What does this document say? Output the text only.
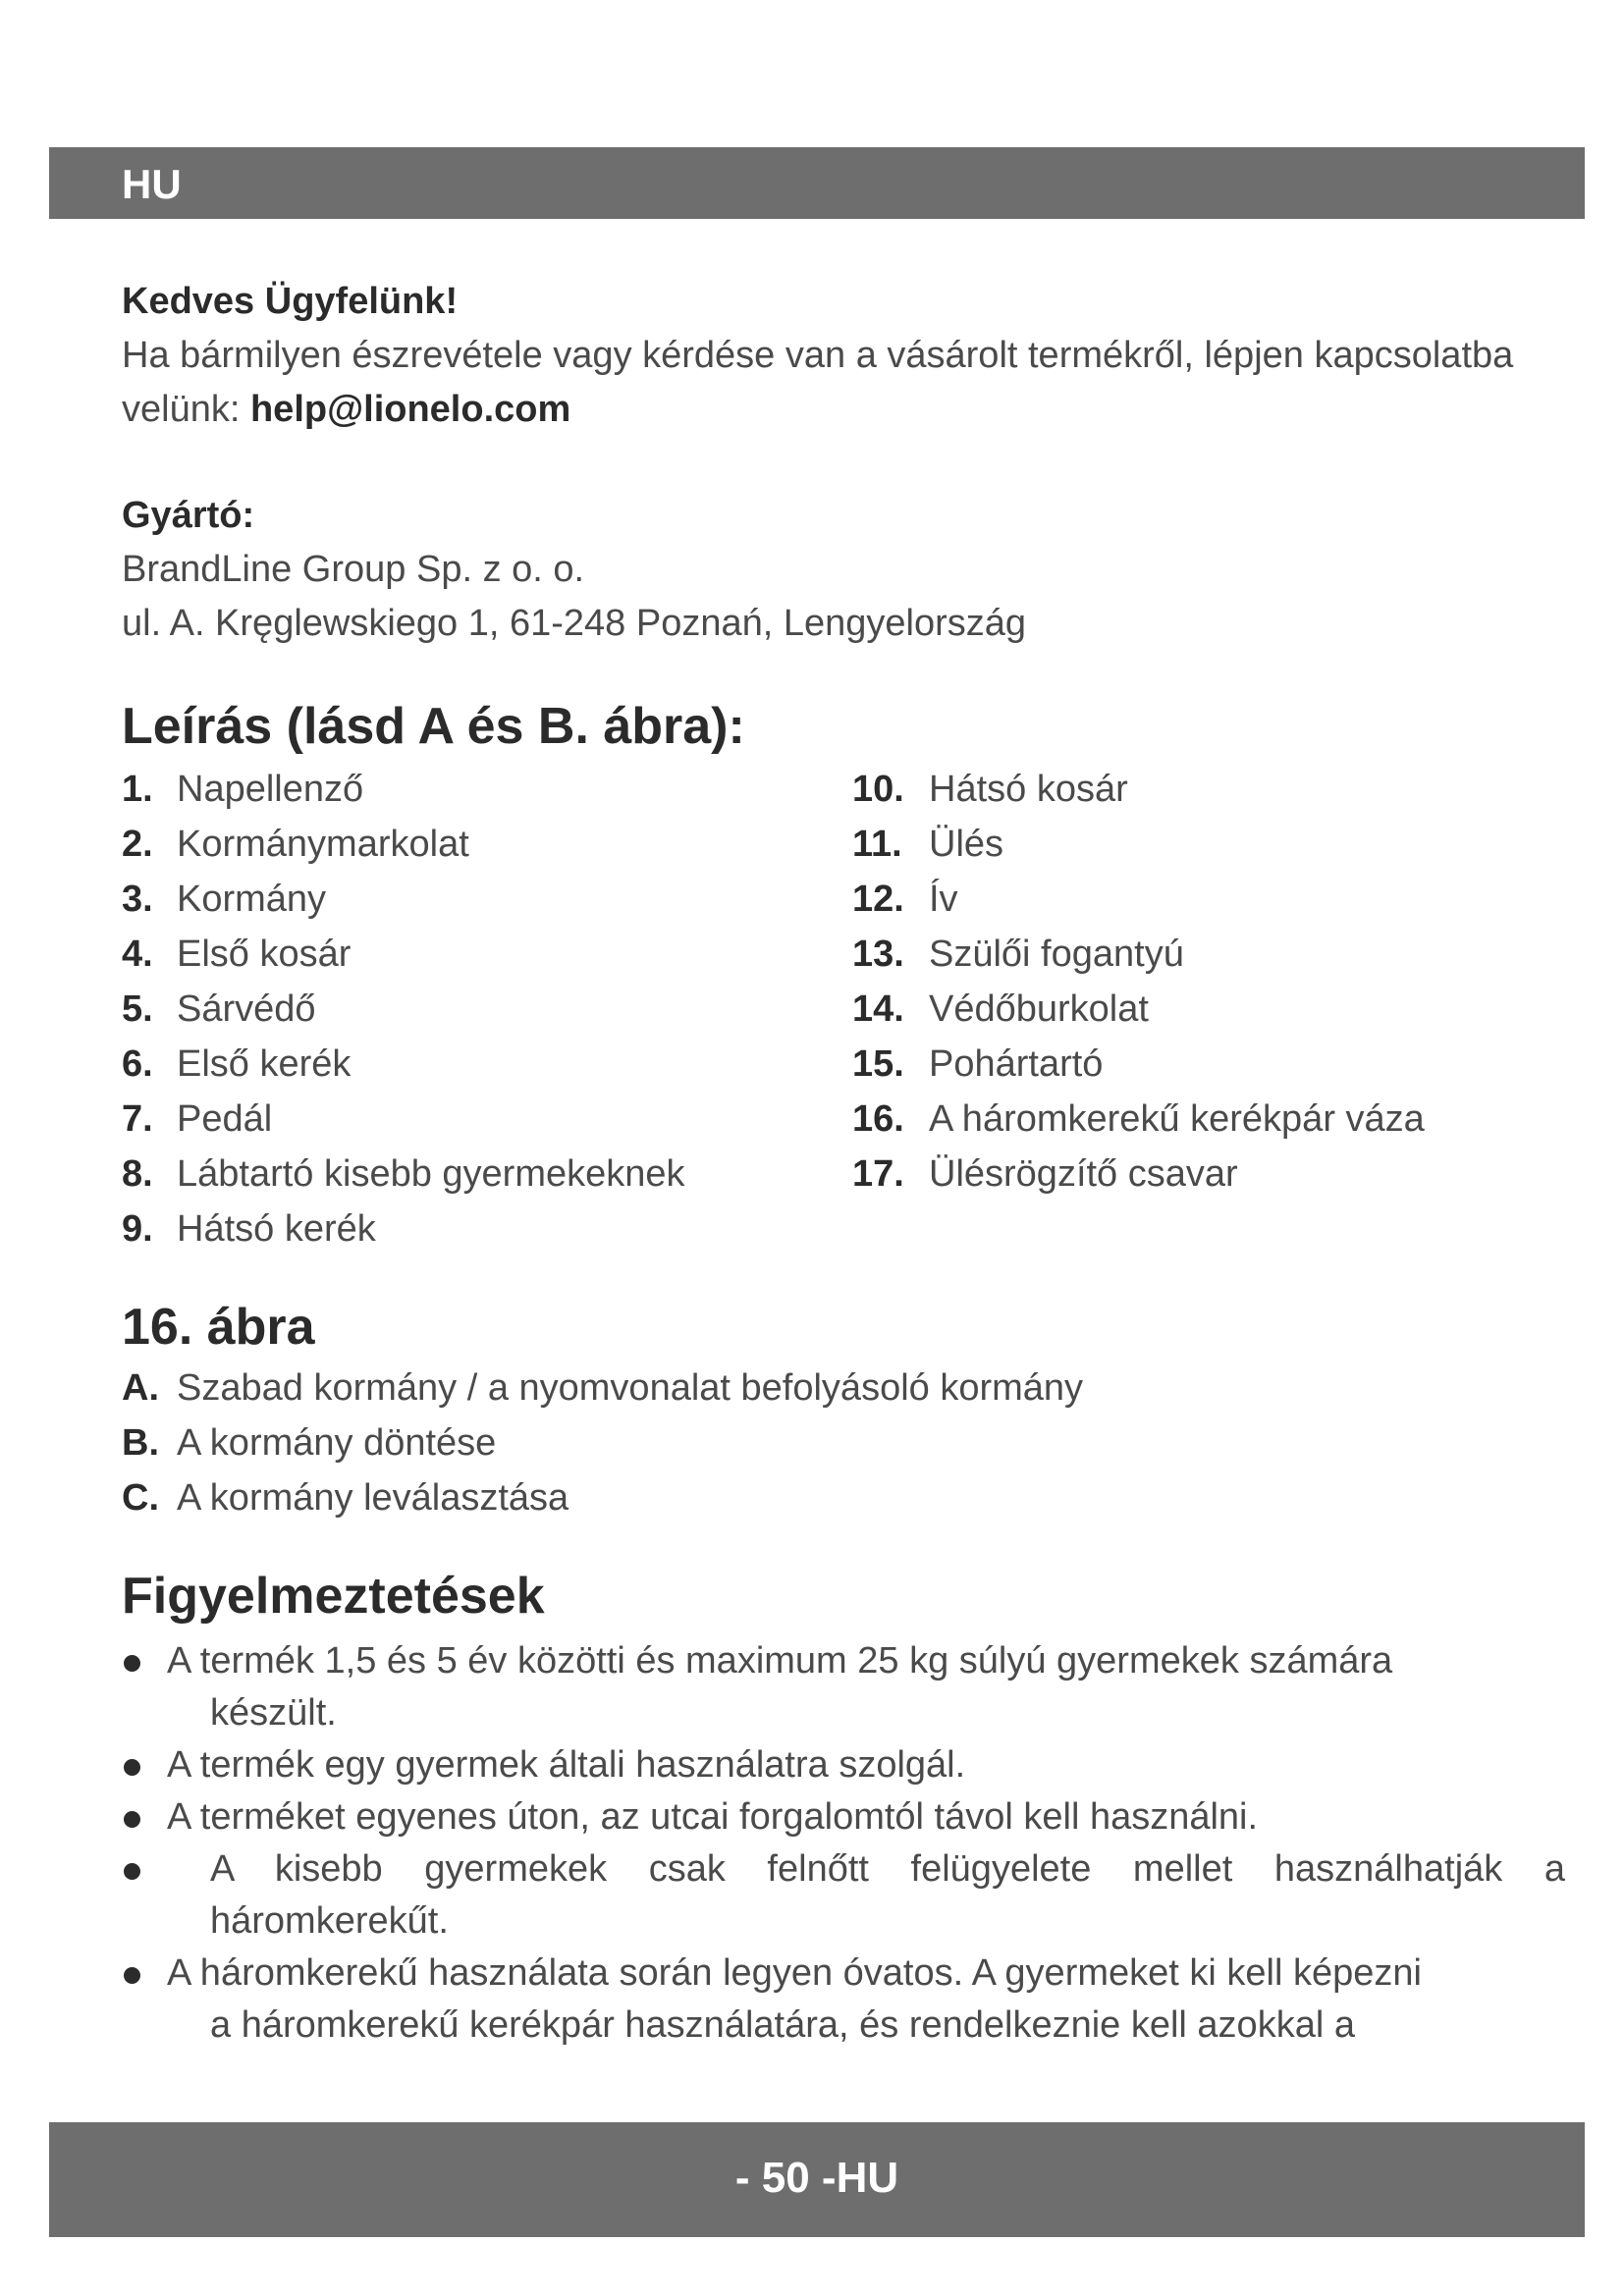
HU
Kedves Ügyfelünk!
Ha bármilyen észrevétele vagy kérdése van a vásárolt termékről, lépjen kapcsolatba
velünk: help@lionelo.com
Gyártó:
BrandLine Group Sp. z o. o.
ul. A. Kręglewskiego 1, 61-248 Poznań, Lengyelország
Leírás (lásd A és B. ábra):
1. Napellenző
2. Kormánymarkolat
3. Kormány
4. Első kosár
5. Sárvédő
6. Első kerék
7. Pedál
8. Lábtartó kisebb gyermekeknek
9. Hátsó kerék
10. Hátsó kosár
11. Ülés
12. Ív
13. Szülői fogantyú
14. Védőburkolat
15. Pohártartó
16. A háromkerekű kerékpár váza
17. Ülésrögzítő csavar
16. ábra
A. Szabad kormány / a nyomvonalat befolyásoló kormány
B. A kormány döntése
C. A kormány leválasztása
Figyelmeztetések
A termék 1,5 és 5 év közötti és maximum 25 kg súlyú gyermekek számára
készült.
A termék egy gyermek általi használatra szolgál.
A terméket egyenes úton, az utcai forgalomtól távol kell használni.
A kisebb gyermekek csak felnőtt felügyelete mellet használhatják a
háromkerekűt.
A háromkerekű használata során legyen óvatos. A gyermeket ki kell képezni
a háromkerekű kerékpár használatára, és rendelkeznie kell azokkal a
- 50 -HU
